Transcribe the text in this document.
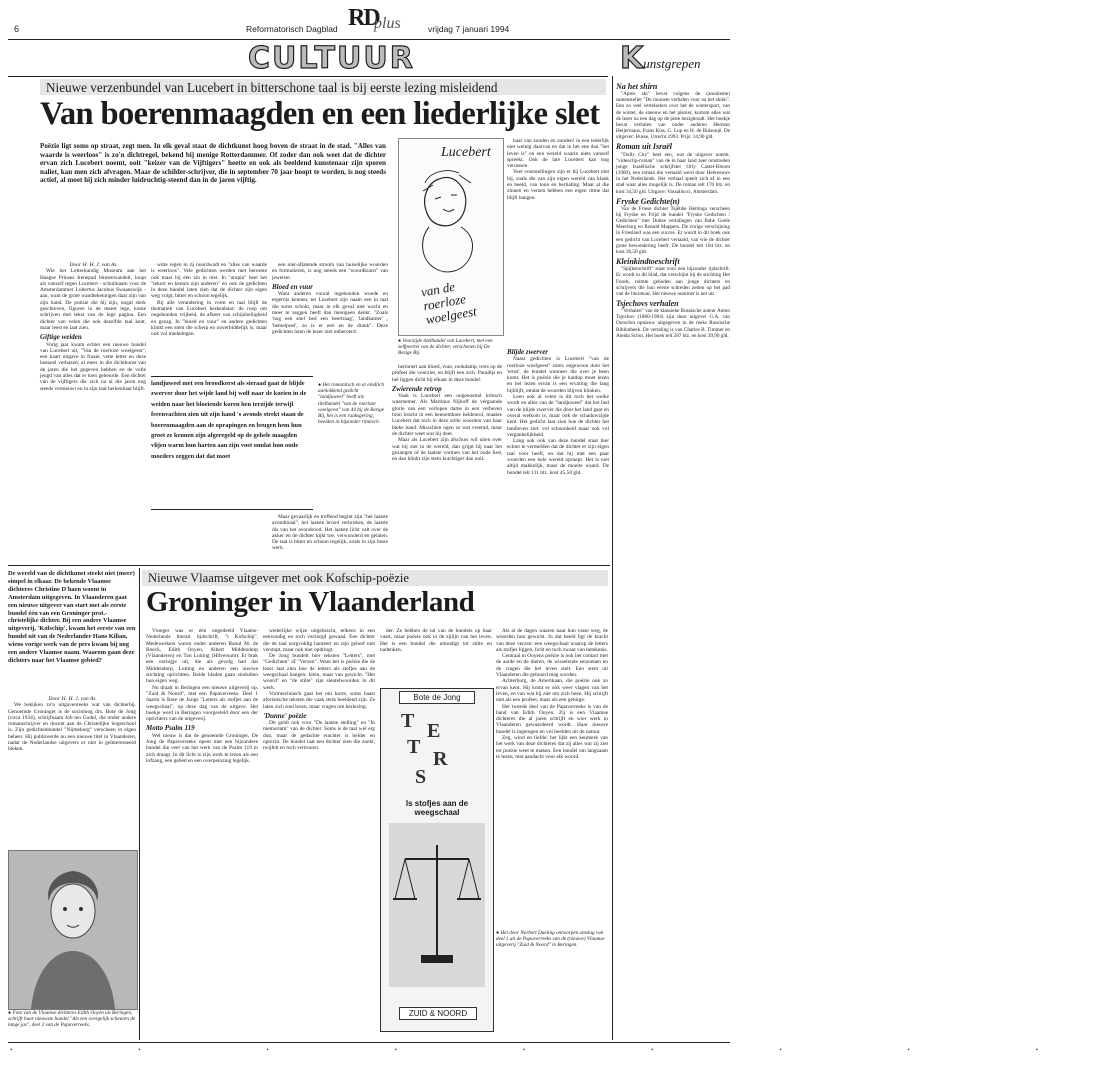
RD
plus
6	Reformatorisch Dagblad	vrijdag 7 januari 1994
CULTUUR	Kunstgrepen
Nieuwe verzenbundel van Lucebert in bitterschone taal is bij eerste lezing misleidend
Van boerenmaagden en een liederlijke slet
Poëzie ligt soms op straat, zegt men. In elk geval staat de dichtkunst hoog boven de straat in de stad. "Alles van waarde is weerloos" is zo'n dichtregel, bekend bij menige Rotterdammer. Of zoder dan ook weet dat de dichter ervan zich Lucebert noemt, ooit "keizer van de Vijftigers" heette en ook als beeldend kunstenaar zijn sporen naliet, kan men zich afvragen. Maar de schilder-schrijver, die in september 70 jaar hoopt te worden, is nog steeds actief, al moet hij zich minder luidruchtig-steend dan in de jaren vijftig.

Door H. H. J. van As

Wie het Letterkundig Museum aan het Haagse Prinses Irenepad binnenwandelt, loopt als vanzelf tegen Lucebert - schuilnaam voor de Amsterdammer Lubertus Jacobus Swaanswijk - aan, want de grote wandtekeningen daar zijn van zijn hand. De poëzie die hij zijn, nogal sterk geschreven, figuren in de meest lege, kome schrijven met tekst van de lege pagina. Een dichter van velen die ook dezelfde taal kent, maar leest en laat zien.

Giftige weiden

Vorig jaar kwam echter een nieuwe bundel van Lucebert uit, "Van de roerloze woelgeest", een kaart uitgave in fraaie, vette letter en deze hoezeel verbazen; al meer in die dichtkunst van de jaren die het gegeven hebben en de volle jeugd van alles dat er toen gebeurde. Een dichter van de vijftigers die zich na al die jaren nog steeds vernieuwt en in zijn taal herkenbaar blijft.

witte regen in rij noordwadt en "alles van waarde is weerloos". Vele gedichten werden met beroeste ook maar bij één zin in niet. In "utopia" heet het "tekort en kennis zijn anderen" en ook de gedichten in deze bundel laten zien dat de dichter zijn eigen weg volgt, bitter en schoon tegelijk.

Bij alle verandering in vorm en taal blijft de thematiek van Lucebert herkenbaar: de roep om ongebonden vrijheid, de afkeer van schijnheiligheid en gezag. In "bloed en vuur" en andere gedichten klinkt een stem die scherp en onverbiddelijk is, maar ook vol mededogen.

een niet-aflatende stroom van huiselijke woorden en formulieren, is nog steeds een "woordkunst" van jewelste.

Bloed en vuur

Want anderen vooral ingebonden woede en ergernis kennen, ter Lucebert zijn naam een in taal die soms schokt, maar in elk geval niet wacht en meer te zeggen heeft dan menigeen denkt. "Zoals 'nog een snel bed een beertraag', 'landkamer' , 'hemelpoel', zo is er een en de drank". Deze gedichten laten de lezer niet onberoerd.

landjuweel met een broodkorst als sieraad gaat de blijde zwerver door het wijde land bij wolf naar de koeien in de weiden naar het bloeiende koren hen terzijde terwijl ferenvachten zien uit zijn hand 's avonds strekt staan de boerenmaagden aan de oprapingen en beugen hem hun groet ze kennen zijn afgeregeld op de gehele maagden vlijen warm hun harten aan zijn voet omdat hun oude moeders zeggen dat dat moet
● Het romantisch en at eindlich aanlokkend gedicht "landjuweel" heeft als titelbundel "van de roerloze woelgeest" van 44 bij de Bezige Bij, het is een raaksgering, beelden in bijzonder ritmisch.

Maar gevaarlijk en treffend begint zijn "het laatste avondmaal", het laatste brood verbroken, de laatste dis van het avondrood. Het laatste licht valt over de akker en de dichter kijkt toe, verwonderd en gelaten. De taal is bitter en schoon tegelijk, zoals in zijn beste werk.

Lucebert
van de roerloze woelgeest

haar van zonden en zonden! in een tederlijk niet weinig daarvan en dat in het ene dan "het leven is" en een wereld waarin niets vanzelf spreekt. Ook de late Lucebert kan nog verrassen.

Veel voorstellingen zijn er bij Lucebert niet bij, zoals die van zijn eigen wereld van klank en beeld, van toon en herhaling. Maar al die zinnen en verzen hebben een eigen ritme dat blijft hangen.

● Voorzijde titelbundel van Lucebert, met een zelfportret van de dichter, verschenen bij De Bezige Bij.

herinnert aan bloed, vuur, rookdamp, trots op de profeet die voorziet, en blijft een zich. Paradijs en hel liggen dicht bij elkaar in deze bundel.

Zwierende retrop

Vaak is Lucebert een ongenoemd kritisch waarnemer. Als Martinus Nijhoff de vergaande glorie van een verlopen dame in een verheven bron bracht in een benoembare heldenrol, maakte Lucebert dat toch in deze stille woorden van haar bleke hand. Misschien ogen ze wat vreemd, maar de dichter weet wat hij doet.

Maar als Lucebert zijn afschuw wil uiten over wat hij ziet in de wereld, dan grijpt hij naar het gezangen of de laatste vormen van het oude lied, en dan klinkt zijn stem krachtiger dan ooit.

Blijde zwerver

Naast gedichten is Lucebert "van de roerloze woelgeest" soms ongewoon door het 'ernst', de bundel wanneer die over je heen komt. Het is poëzie die je hardop moet lezen en het lezen ervan is een ervaring die lang bijblijft, omdat de woorden blijven klinken.

Leen ook al velen is dit toch het welke wordt en alles van de "landjuweel" dat het lied van de blijde zwerver die door het land gaat en overal welkom is, maar ook de schaduwzijde kent. Het gedicht laat zien hoe de dichter het landleven ziet: vol schoonheid maar ook vol vergankelijkheid.

Lang ook ook van deze bundel staat hier echter te vermelden dat de dichter er zijn eigen taal voor heeft, en dat hij met een paar woorden een hele wereld oproept. Het is niet altijd makkelijk, maar de moeite waard. De bundel telt 111 blz. kost 45,50 gld.

De wereld van de dichtkunst steekt niet (meer) simpel in elkaar. De bekende Vlaamse dichteres Christine D'haen woont in Amsterdam uitgegeven. In Vlaanderen gaat een nieuwe uitgever van start met als eerste bundel één van een Groninger prot.-christelijke dichter. Bij een andere Vlaamse uitgeverij, 'Kofschip', kwam het eerste van een bundel uit van de Nederlander Hans Kilian, wiens vorige werk van de pers kwam bij nog een andere Vlaamse naam. Waarom gaan deze dichters naar het Vlaamse gebied?

Door H. H. J. van As

We bekijken zo'n uitgavenreeks wat van dichterbij. Genoemde Groninger is de socioloog drs. Bote de Jong (circa 1934), schrijfnaam Job ten Godel, die onder andere romanschrijver en docent aan de Christelijke hogeschool is. Zijn gedichtenbundel "Nijmeborg" verscheen in eigen beheer. Hij publiceerde nu een nieuwe titel in Vlaanderen, nadat de Nederlandse uitgevers er niet in geïnteresseerd bleken.

● Foto van de Vlaamse dichteres Edith Ooyen uit Beringen, schrijft haar nieuwste bundel "Als een overgelijk scheuren de lange jas", deel 2 van de Papaverreeks.
Nieuwe Vlaamse uitgever met ook Kofschip-poëzie
Groninger in Vlaanderland

Vroeger was er één ongedeeld Vlaams-Nederlands literair tijdschrift, "t Kofschip". Medewerkers waren onder anderen Raoul M. de Boeck, Edith Ooyen, Albert Middendorp (Vlaanderen) en Ton Luiting (Hilversum). Er brak een oorlogje uit, die als gevolg had dat Middendorp, Luiting en anderen een nieuwe stichting oprichtten. Beide bladen gaan sindsdien hun eigen weg.

Nu draait in Beringen een nieuwe uitgeverij op, "Zuid & Noord", met een Papaverreeks. Deel 1 daarin is Bote de Jongs "Letters als stofjes aan de weegschaal", op deze dag van de uitgave. Het boekje werd in Beringen voorgesteld door een der oprichters van de uitgeverij.

Motto Psalm 119

Wel nieuw is dat de genoemde Groninger, De Jong de Papaverreeks opent met een bijzondere bundel die veel van het werk van de Psalm 119 in zich draagt. In dit licht is zijn werk te lezen als een lofzang, een gebed en een overpeinzing tegelijk.

wederlijke wijze uitgebracht, telkens in een eenvoudig en toch verzorgd gewaad. Een dichter die de taal zorgvuldig hanteert en zijn geloof niet verstopt, maar ook niet opdringt.

De Jong bundelt hier teksten "Letters", met "Gedichten" of "Verzen". Want het is poëzie die de lezer laat zien hoe de letters als stofjes aan de weegschaal hangen: klein, maar van gewicht. "Het woord" en "de stilte" zijn sleutelwoorden in dit werk.

Vormtechnisch gaat het om korte, soms haast aforistische teksten die vaak sterk beeldend zijn. Ze laten zich snel lezen, maar vragen om herlezing.

'Dunne' poëzie

Dit geldt ook voor "De laatste stelling" en "In memoriam" van de dichter. Soms is de taal wel erg dun, maar de gedachte erachter is helder en oprecht. De bundel laat een dichter zien die zoekt, twijfelt en toch vertrouwt.

der. Ze hebben de tal van de bundels op haar vaart, maar poëzie ook in de zijlijn van het leven. Het is een bundel die uitnodigt tot stilte en nadenken.

Bote de Jong
T E
T
R
S
ls stofjes aan de weegschaal
ZUID & NOORD
● Het door Norbert Dueling ontworpen omslag van deel 1 uit de Papaverreeks van de (nieuwe) Vlaamse uitgeverij "Zuid & Noord" in Beringen.

Als al de dagen waaren naar hun vaste weg, de woorden hun gewicht. In dat beeld ligt de kracht van deze verzen: een weegschaal waarop de letters als stofjes liggen, licht en toch zwaar van betekenis.

Centraal in Ooyens poëzie is ook het contact met de aarde en de dieren, de wisselende seizoenen en de vragen die het leven stelt. Een stem uit Vlaanderen die gehoord mag worden.

Achterburg, de Amerikaan, die poëzie ook zo ervan kent. Hij komt er ook weer vlagen van het leven, en van wat hij ziet om zich heen. Hij schrijft niet als een profeet, maar als een getuige.

Het tweede deel van de Papaverreeks is van de hand van Edith Ooyen. Zij is een Vlaamse dichteres die al jaren schrijft en wier werk in Vlaanderen gewaardeerd wordt. Haar nieuwe bundel is ingetogen en vol beelden uit de natuur.

Zeg, wind en liefde: het lijkt een kenmerk van het werk van deze dichteres dat zij alles wat zij ziet tot poëzie weet te maken. Een bundel om langzaam te lezen, met aandacht voor elk woord.

Na het shirn

"Apres ski" bevat volgens de (anonieme) samensteller "De mooiste verhalen voor na het skiën". Een zo veel vertelselers over het de wintersport, van de winter, de sneeuw en het plezier, kortom alles wat de lezer na een dag op de piste bezighoudt. Het boekje bevat verhalen van onder anderen Herman Heijermans, Frans Kiss, G. Lup en H. de Buisonjé. De uitgever: Busse, Utrecht 1993. Prijs: 14,90 gld.

Roman uit Israël

"Dolly City" heet een, wat de uitgever noemt, "videoclip-roman" van de in haar land zeer omstreden jonge Israëlische schrijfster Orly Castel-Bloom (1960), een roman die vertaald werd door Hebreeuws in het Nederlands. Het verhaal speelt zich af in een stad waar alles mogelijk is. De roman telt 170 blz. en kost 34,50 gld. Uitgave: Vassallucci, Amsterdam.

Fryske Gedichte(n)

Van de Friese dichter Tsjêbbe Hettinga verscheen bij Fryske en Frijd de bundel "Fryske Gedichten / Gedichten" met Duitse vertalingen van Bahe Goele Meerburg en Ronald Mappers. De vorige verschijning in Friesland was een succes. Er wordt in dit boek ook een gedicht van Lucebert vertaald, van wie de dichter grote bewondering heeft. De bundel telt 104 blz. en kost 36,50 gld.

Kleinkindtoeschrift

"Spijkerschrift" staat voor een bijzonder tijdschrift. Er wordt in dit blad, dat verschijnt bij de stichting Het Fonds, ruimte geboden aan jonge dichters en schrijvers die hun eerste schreden zetten op het pad van de literatuur. Het nieuwe nummer is net uit.

Tsjechovs verhalen

"Verhalen" van de klassieke Russische auteur Anton Tsjechov (1860-1904) zijn door uitgever G.A. van Oorschot opnieuw uitgegeven in de reeks Russische Bibliotheek. De vertaling is van Charles B. Timmer en Aleida Schot. Het boek telt 287 blz. en kost 39,90 gld.

• • • • • • • • •
